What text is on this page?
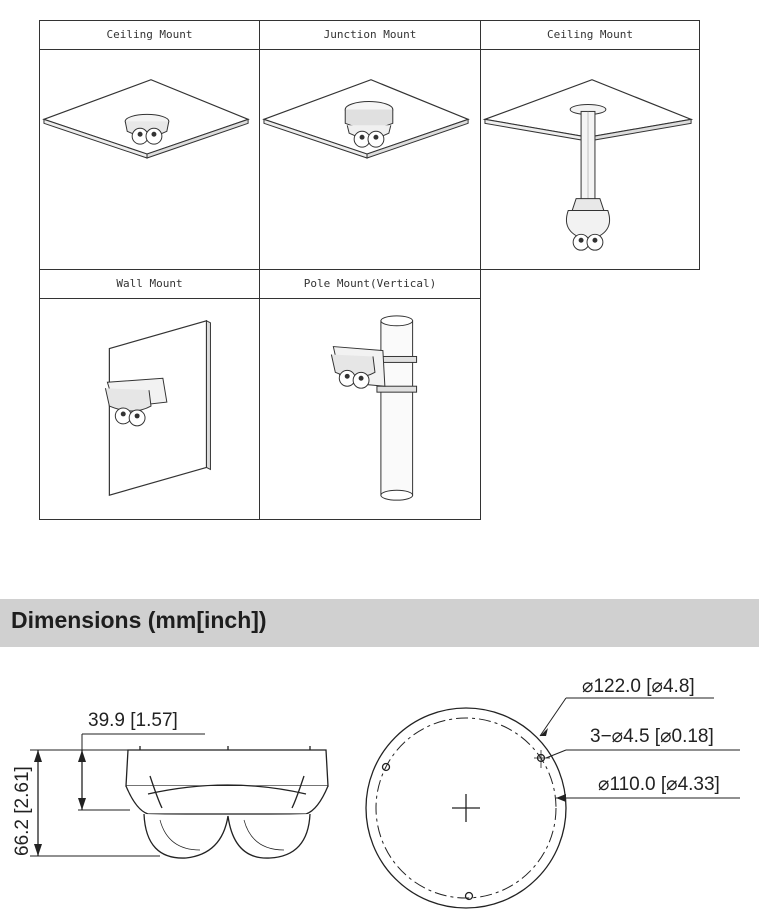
Ceiling Mount	Junction Mount	Ceiling Mount
Wall Mount	Pole Mount(Vertical)
Dimensions (mm[inch])
39.9 [1.57]
66.2 [2.61]
⌀122.0 [⌀4.8]
3−⌀4.5 [⌀0.18]
⌀110.0 [⌀4.33]
